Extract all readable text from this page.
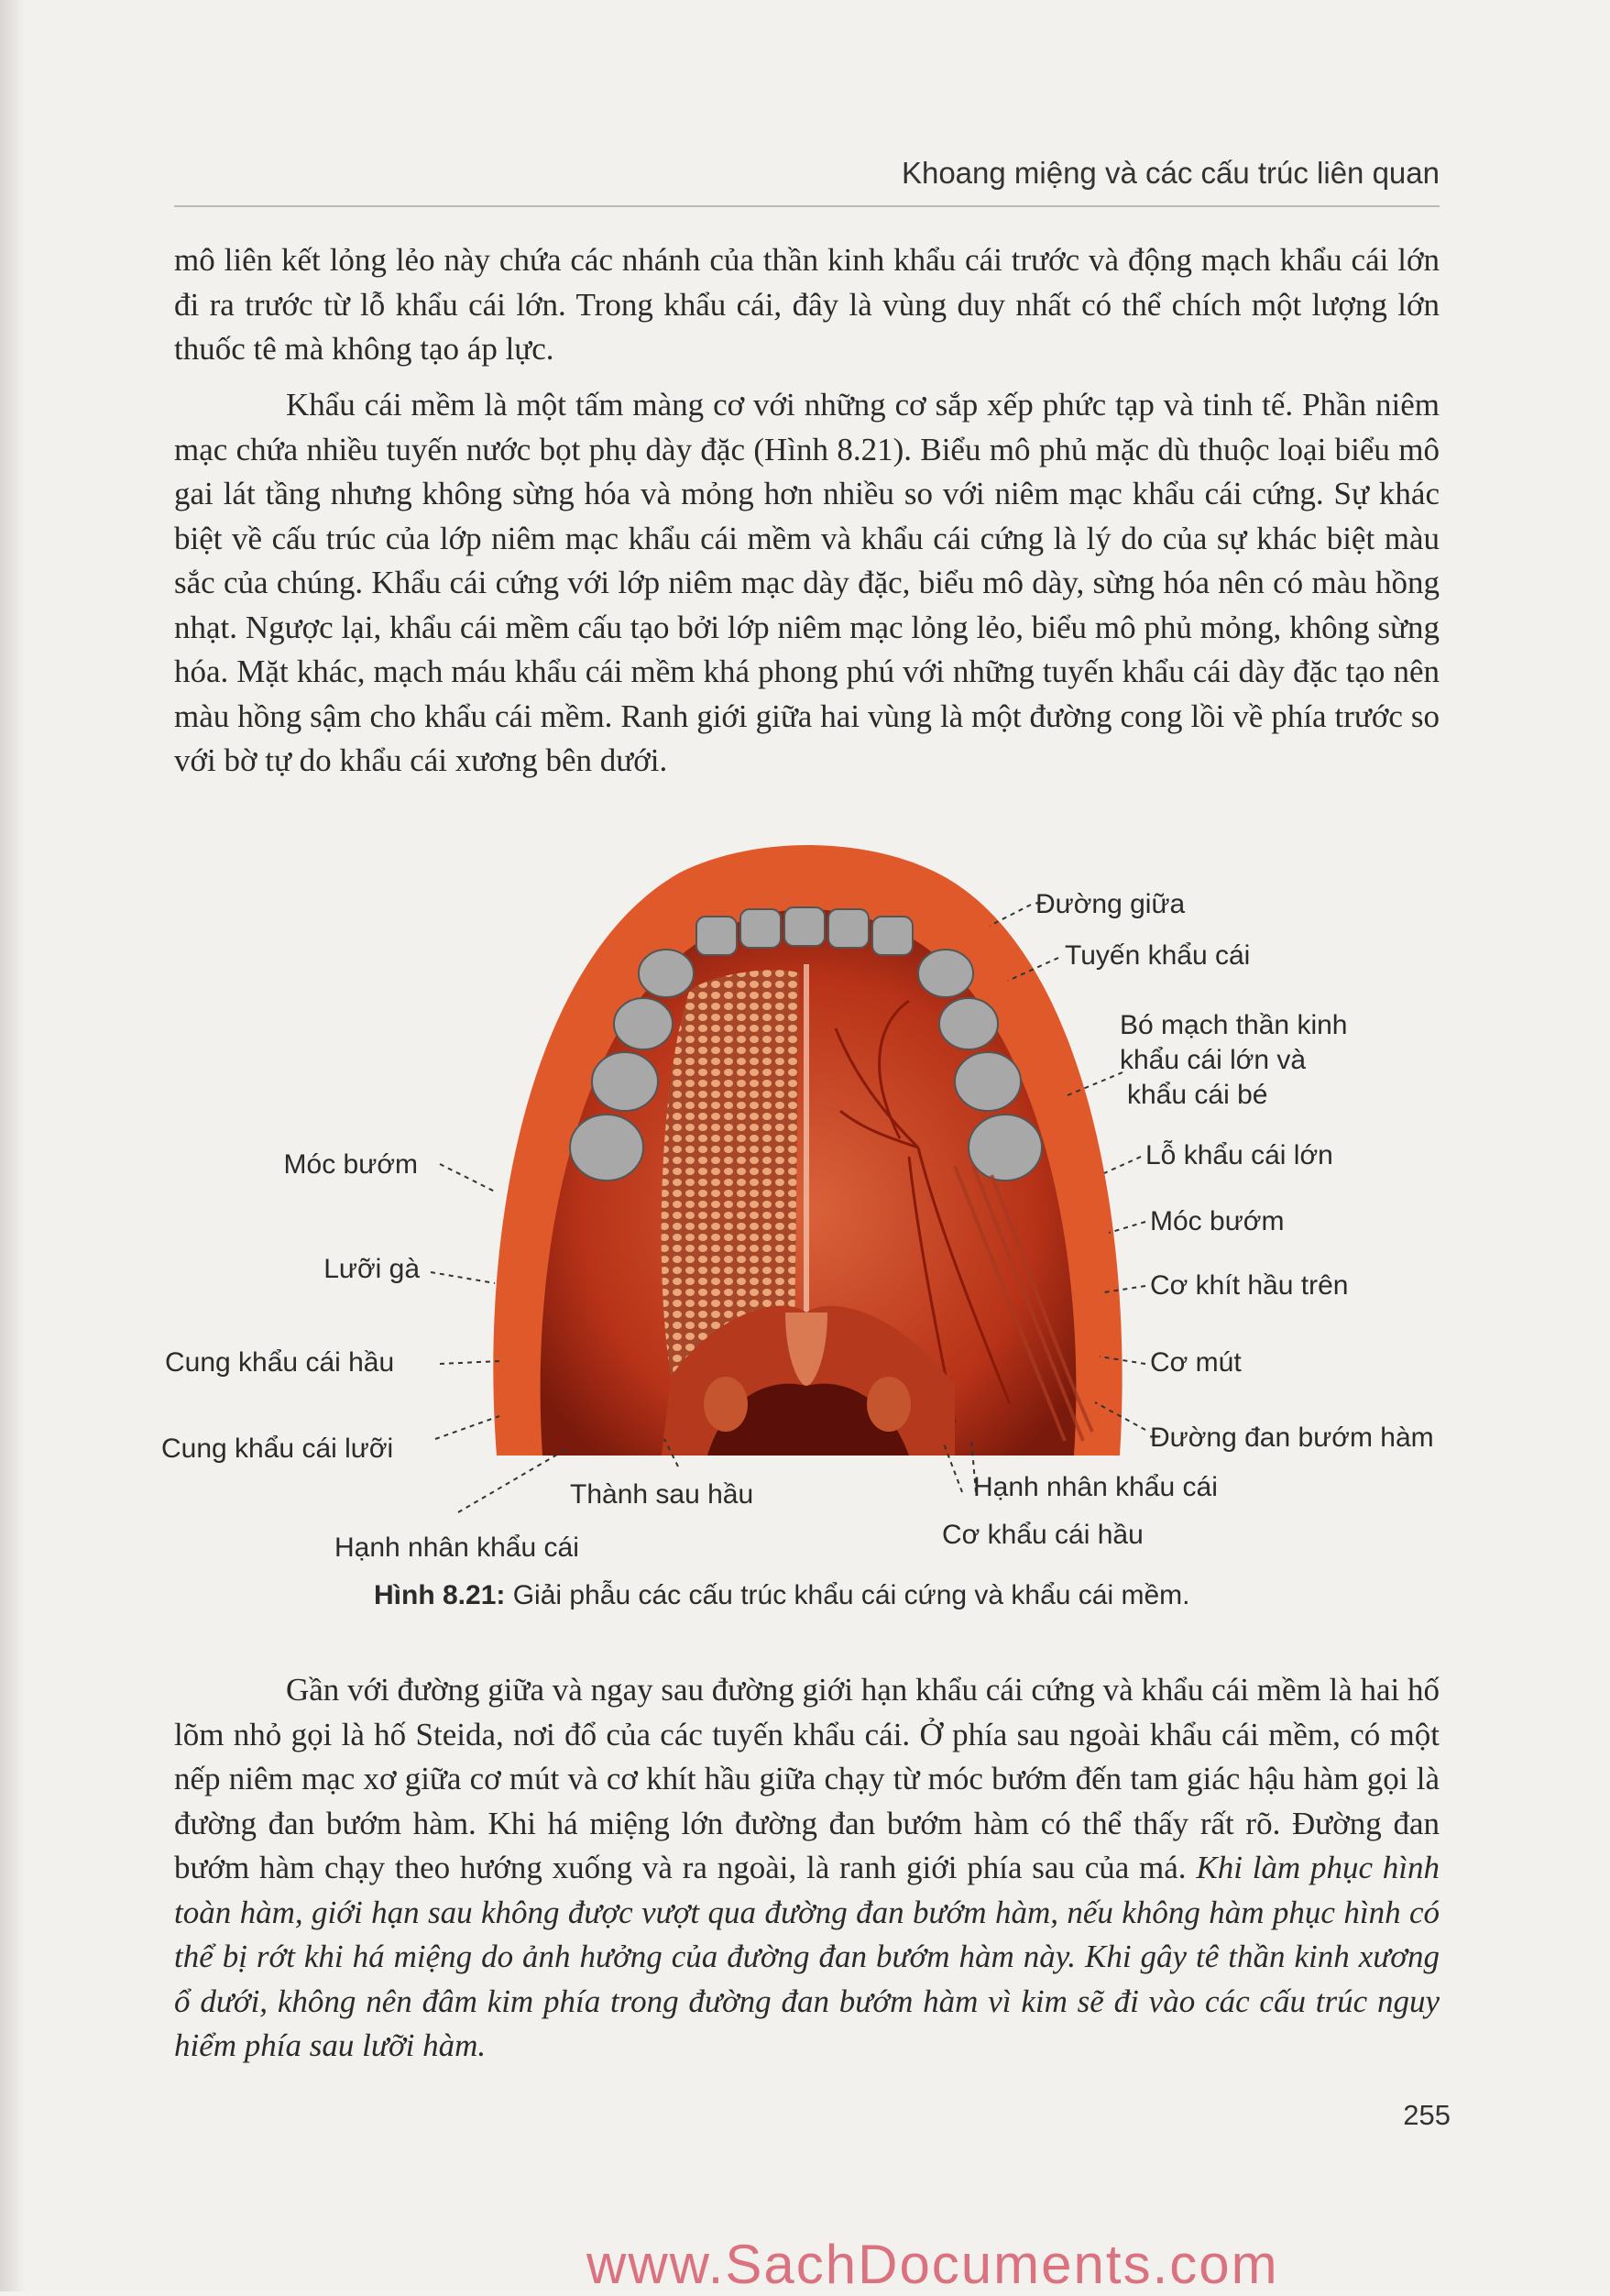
Khoang miệng và các cấu trúc liên quan

mô liên kết lỏng lẻo này chứa các nhánh của thần kinh khẩu cái trước và động mạch khẩu cái lớn đi ra trước từ lỗ khẩu cái lớn. Trong khẩu cái, đây là vùng duy nhất có thể chích một lượng lớn thuốc tê mà không tạo áp lực.

Khẩu cái mềm là một tấm màng cơ với những cơ sắp xếp phức tạp và tinh tế. Phần niêm mạc chứa nhiều tuyến nước bọt phụ dày đặc (Hình 8.21). Biểu mô phủ mặc dù thuộc loại biểu mô gai lát tầng nhưng không sừng hóa và mỏng hơn nhiều so với niêm mạc khẩu cái cứng. Sự khác biệt về cấu trúc của lớp niêm mạc khẩu cái mềm và khẩu cái cứng là lý do của sự khác biệt màu sắc của chúng. Khẩu cái cứng với lớp niêm mạc dày đặc, biểu mô dày, sừng hóa nên có màu hồng nhạt. Ngược lại, khẩu cái mềm cấu tạo bởi lớp niêm mạc lỏng lẻo, biểu mô phủ mỏng, không sừng hóa. Mặt khác, mạch máu khẩu cái mềm khá phong phú với những tuyến khẩu cái dày đặc tạo nên màu hồng sậm cho khẩu cái mềm. Ranh giới giữa hai vùng là một đường cong lồi về phía trước so với bờ tự do khẩu cái xương bên dưới.

Đường giữa
Tuyến khẩu cái
Bó mạch thần kinh
khẩu cái lớn và
khẩu cái bé
Lỗ khẩu cái lớn
Móc bướm
Cơ khít hầu trên
Cơ mút
Đường đan bướm hàm
Hạnh nhân khẩu cái
Cơ khẩu cái hầu
Thành sau hầu
Hạnh nhân khẩu cái
Móc bướm
Lưỡi gà
Cung khẩu cái hầu
Cung khẩu cái lưỡi
Hình 8.21: Giải phẫu các cấu trúc khẩu cái cứng và khẩu cái mềm.

Gần với đường giữa và ngay sau đường giới hạn khẩu cái cứng và khẩu cái mềm là hai hố lõm nhỏ gọi là hố Steida, nơi đổ của các tuyến khẩu cái. Ở phía sau ngoài khẩu cái mềm, có một nếp niêm mạc xơ giữa cơ mút và cơ khít hầu giữa chạy từ móc bướm đến tam giác hậu hàm gọi là đường đan bướm hàm. Khi há miệng lớn đường đan bướm hàm có thể thấy rất rõ. Đường đan bướm hàm chạy theo hướng xuống và ra ngoài, là ranh giới phía sau của má. Khi làm phục hình toàn hàm, giới hạn sau không được vượt qua đường đan bướm hàm, nếu không hàm phục hình có thể bị rớt khi há miệng do ảnh hưởng của đường đan bướm hàm này. Khi gây tê thần kinh xương ổ dưới, không nên đâm kim phía trong đường đan bướm hàm vì kim sẽ đi vào các cấu trúc nguy hiểm phía sau lưỡi hàm.

255
www.SachDocuments.com
